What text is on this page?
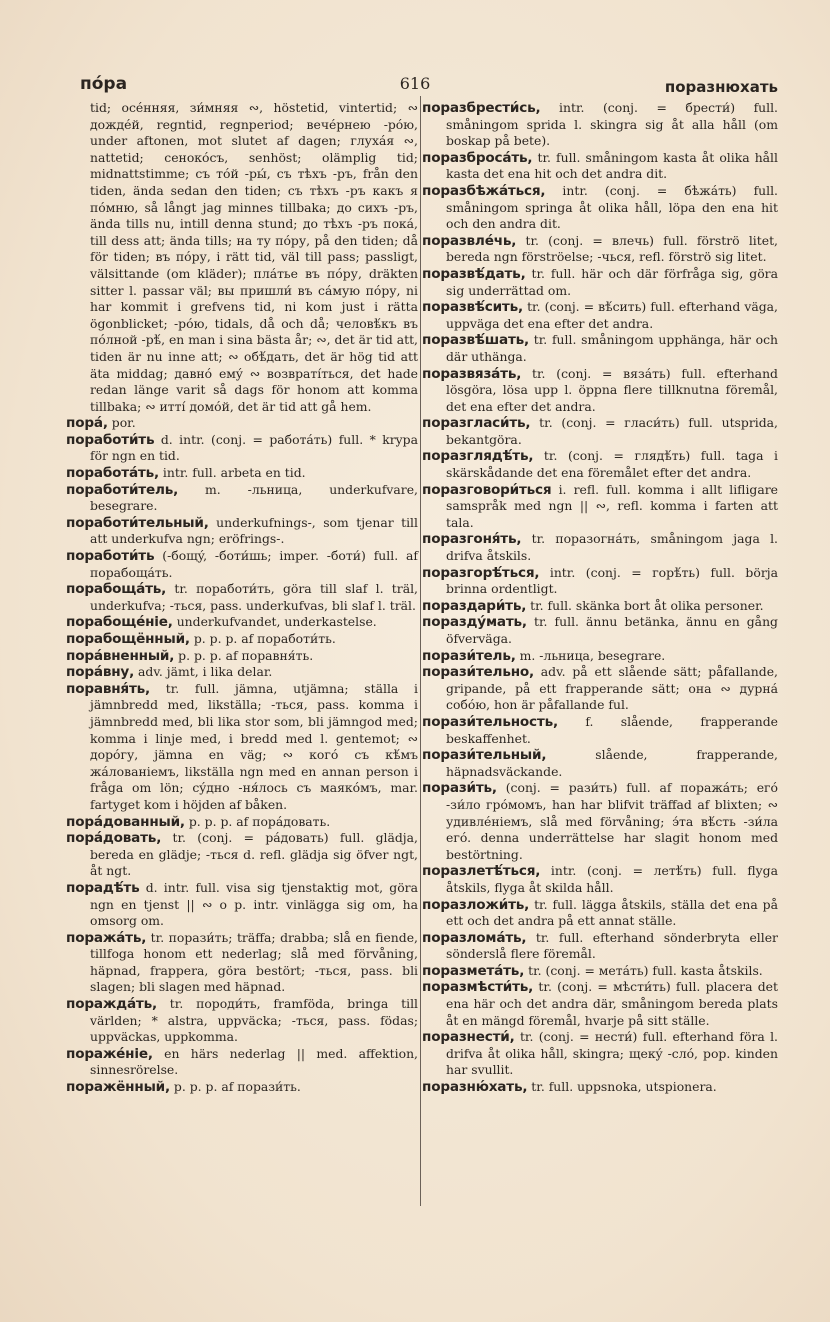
пóра	616	поразнюхать

tid; осéнняя, зи́мняя ∾, höstetid, vintertid; ∾ дождéй, regntid, regnperiod; вечéрнею -рóю, under aftonen, mot slutet af dagen; глухáя ∾, nattetid; сенокóсъ, senhöst; olämplig tid; midnattstimme; съ тóй -ры́, съ тѣхъ -ръ, från den tiden, ända sedan den tiden; съ тѣхъ -ръ какъ я пóмню, så långt jag minnes tillbaka; до сихъ -ръ, ända tills nu, intill denna stund; до тѣхъ -ръ покá, till dess att; ända tills; на ту пóру, på den tiden; då för tiden; въ пóру, i rätt tid, väl till pass; passligt, välsittande (om kläder); плáтье въ пóру, dräkten sitter l. passar väl; вы пришли́ въ сáмую пóру, ni har kommit i grefvens tid, ni kom just i rätta ögonblicket; -рóю, tidals, då och då; человѣ́къ въ пóлной -рѣ́, en man i sina bästa år; ∾, det är tid att, tiden är nu inne att; ∾ обѣ́дать, det är hög tid att äta middag; давнó емý ∾ возвратíться, det hade redan länge varit så dags för honom att komma tillbaka; ∾ иттí домóй, det är tid att gå hem.

порá, por.

поработи́ть d. intr. (conj. = работáть) full. * krypa för ngn en tid.

поработáть, intr. full. arbeta en tid.

поработи́тель, m. -льница, underkufvare, besegrare.

поработи́тельный, underkufnings-, som tjenar till att underkufva ngn; eröfrings-.

поработи́ть (-бощý, -боти́шь; imper. -боти́) full. af порабощáть.

порабощáть, tr. поработи́ть, göra till slaf l. träl, underkufva; -ться, pass. underkufvas, bli slaf l. träl.

порабощéніе, underkufvandet, underkastelse.

порабощённый, p. p. p. af поработи́ть.

порáвненный, p. p. p. af поравня́ть.

порáвну, adv. jämt, i lika delar.

поравня́ть, tr. full. jämna, utjämna; ställa i jämnbredd med, likställa; -ться, pass. komma i jämnbredd med, bli lika stor som, bli jämngod med; komma i linje med, i bredd med l. gentemot; ∾ дорóгу, jämna en väg; ∾ когó съ кѣ́мъ жáлованіемъ, likställa ngn med en annan person i fråga om lön; сýдно -ня́лось съ маякóмъ, mar. fartyget kom i höjden af båken.

порáдованный, p. p. p. af порáдовать.

порáдовать, tr. (conj. = рáдовать) full. glädja, bereda en glädje; -ться d. refl. glädja sig öfver ngt, åt ngt.

порадѣ́ть d. intr. full. visa sig tjenstaktig mot, göra ngn en tjenst || ∾ о p. intr. vinlägga sig om, ha omsorg om.

поражáть, tr. порази́ть; träffa; drabba; slå en fiende, tillfoga honom ett nederlag; slå med förvåning, häpnad, frappera, göra bestört; -ться, pass. bli slagen; bli slagen med häpnad.

пораждáть, tr. породи́ть, framföda, bringa till världen; * alstra, uppväcka; -ться, pass. födas; uppväckas, uppkomma.

поражéніе, en härs nederlag || med. affektion, sinnesrörelse.

поражённый, p. p. p. af порази́ть.

поразбрести́сь, intr. (conj. = брести́) full. småningom sprida l. skingra sig åt alla håll (om boskap på bete).

поразбросáть, tr. full. småningom kasta åt olika håll kasta det ena hit och det andra dit.

поразбѣжáться, intr. (conj. = бѣжáть) full. småningom springa åt olika håll, löpa den ena hit och den andra dit.

поразвлéчь, tr. (conj. = влечь) full. förströ litet, bereda ngn förströelse; -чься, refl. förströ sig litet.

поразвѣ́дать, tr. full. här och där förfråga sig, göra sig underrättad om.

поразвѣ́сить, tr. (conj. = вѣ́сить) full. efterhand väga, uppväga det ena efter det andra.

поразвѣ́шать, tr. full. småningom upphänga, här och där uthänga.

поразвязáть, tr. (conj. = вязáть) full. efterhand lösgöra, lösa upp l. öppna flere tillknutna föremål, det ena efter det andra.

поразгласи́ть, tr. (conj. = гласи́ть) full. utsprida, bekantgöra.

поразглядѣ́ть, tr. (conj. = глядѣ́ть) full. taga i skärskådande det ena föremålet efter det andra.

поразговори́ться i. refl. full. komma i allt lifligare samspråk med ngn || ∾, refl. komma i farten att tala.

поразгоня́ть, tr. поразогнáть, småningom jaga l. drifva åtskils.

поразгорѣ́ться, intr. (conj. = горѣ́ть) full. börja brinna ordentligt.

пораздари́ть, tr. full. skänka bort åt olika personer.

поразду́мать, tr. full. ännu betänka, ännu en gång öfverväga.

порази́тель, m. -льница, besegrare.

порази́тельно, adv. på ett slående sätt; påfallande, gripande, på ett frapperande sätt; она ∾ дурнá собóю, hon är påfallande ful.

порази́тельность, f. slående, frapperande beskaffenhet.

порази́тельный,	slående, frapperande, häpnadsväckande.

порази́ть, (conj. = рази́ть) full. af поражáть; егó -зи́ло грóмомъ, han har blifvit träffad af blixten; ∾ удивлéніемъ, slå med förvåning; э́та вѣ́сть -зи́ла егó. denna underrättelse har slagit honom med bestörtning.

поразлетѣ́ться, intr. (conj. = летѣ́ть) full. flyga åtskils, flyga åt skilda håll.

поразложи́ть, tr. full. lägga åtskils, ställa det ena på ett och det andra på ett annat ställe.

поразломáть, tr. full. efterhand sönderbryta eller sönderslå flere föremål.

поразметáть, tr. (conj. = метáть) full. kasta åtskils.

поразмѣсти́ть, tr. (conj. = мѣсти́ть) full. placera det ena här och det andra där, småningom bereda plats åt en mängd föremål, hvarje på sitt ställe.

поразнести́, tr. (conj. = нести́) full. efterhand föra l. drifva åt olika håll, skingra; щекý -слó, pop. kinden har svullit.

поразню́хать, tr. full. uppsnoka, utspionera.
